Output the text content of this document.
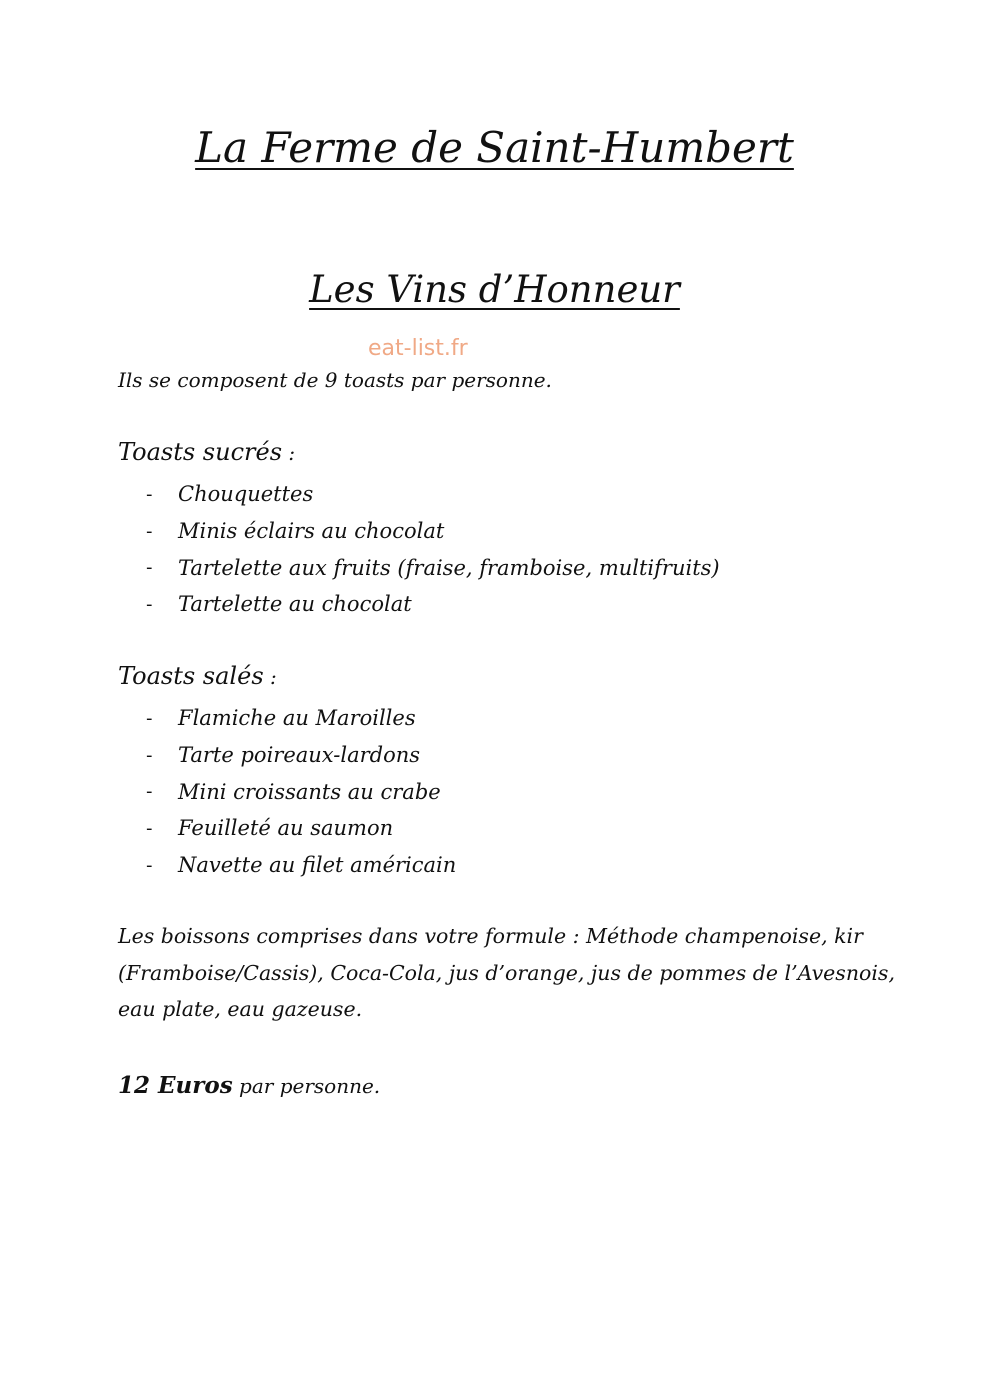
La Ferme de Saint-Humbert
Les Vins d’Honneur
eat-list.fr
Ils se composent de 9 toasts par personne.
Toasts sucrés :
-	Chouquettes
-	Minis éclairs au chocolat
-	Tartelette aux fruits (fraise, framboise, multifruits)
-	Tartelette au chocolat
Toasts salés :
-	Flamiche au Maroilles
-	Tarte poireaux-lardons
-	Mini croissants au crabe
-	Feuilleté au saumon
-	Navette au filet américain
Les boissons comprises dans votre formule : Méthode champenoise, kir (Framboise/Cassis), Coca-Cola, jus d’orange, jus de pommes de l’Avesnois, eau plate, eau gazeuse.
12 Euros par personne.
